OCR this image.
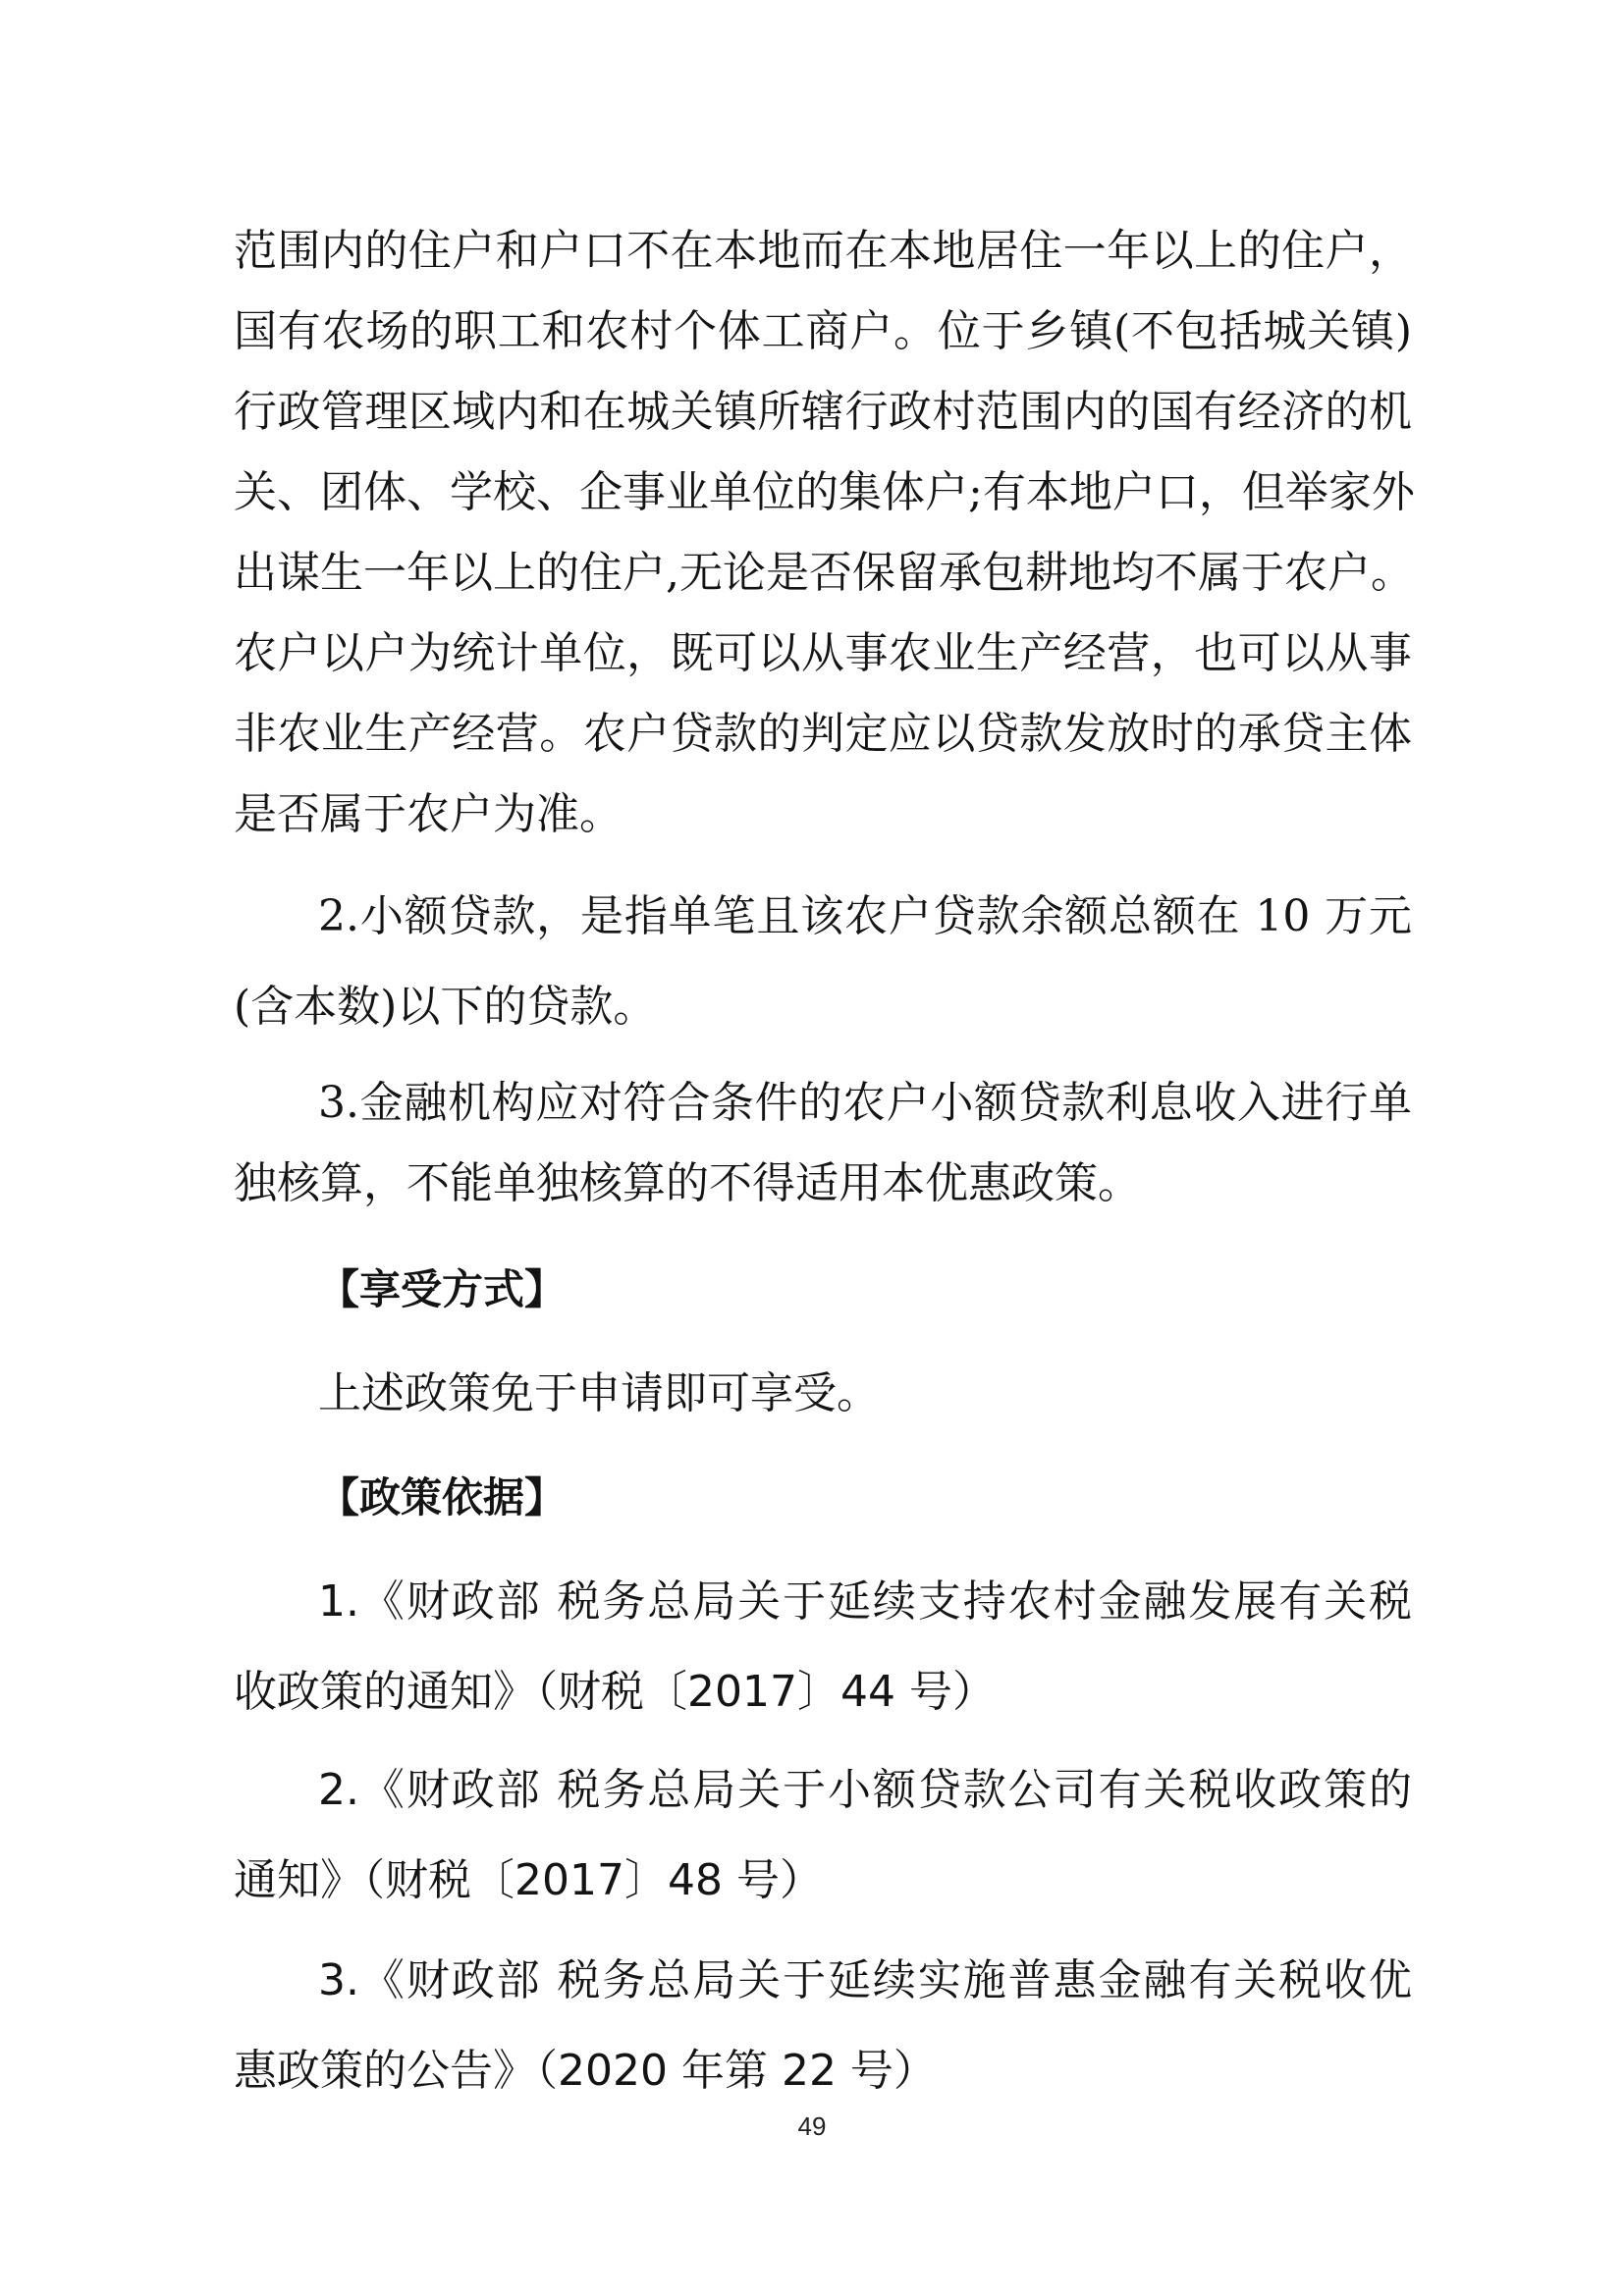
范围内的住户和户口不在本地而在本地居住一年以上的住户，
国有农场的职工和农村个体工商户。位于乡镇(不包括城关镇)
行政管理区域内和在城关镇所辖行政村范围内的国有经济的机
关、团体、学校、企事业单位的集体户;有本地户口，但举家外
出谋生一年以上的住户,无论是否保留承包耕地均不属于农户。
农户以户为统计单位，既可以从事农业生产经营，也可以从事
非农业生产经营。农户贷款的判定应以贷款发放时的承贷主体
是否属于农户为准。
2.小额贷款，是指单笔且该农户贷款余额总额在 10 万元
(含本数)以下的贷款。
3.金融机构应对符合条件的农户小额贷款利息收入进行单
独核算，不能单独核算的不得适用本优惠政策。
【享受方式】
上述政策免于申请即可享受。
【政策依据】
1.《财政部 税务总局关于延续支持农村金融发展有关税
收政策的通知》（财税〔2017〕44 号）
2.《财政部 税务总局关于小额贷款公司有关税收政策的
通知》（财税〔2017〕48 号）
3.《财政部 税务总局关于延续实施普惠金融有关税收优
惠政策的公告》（2020 年第 22 号）
49
